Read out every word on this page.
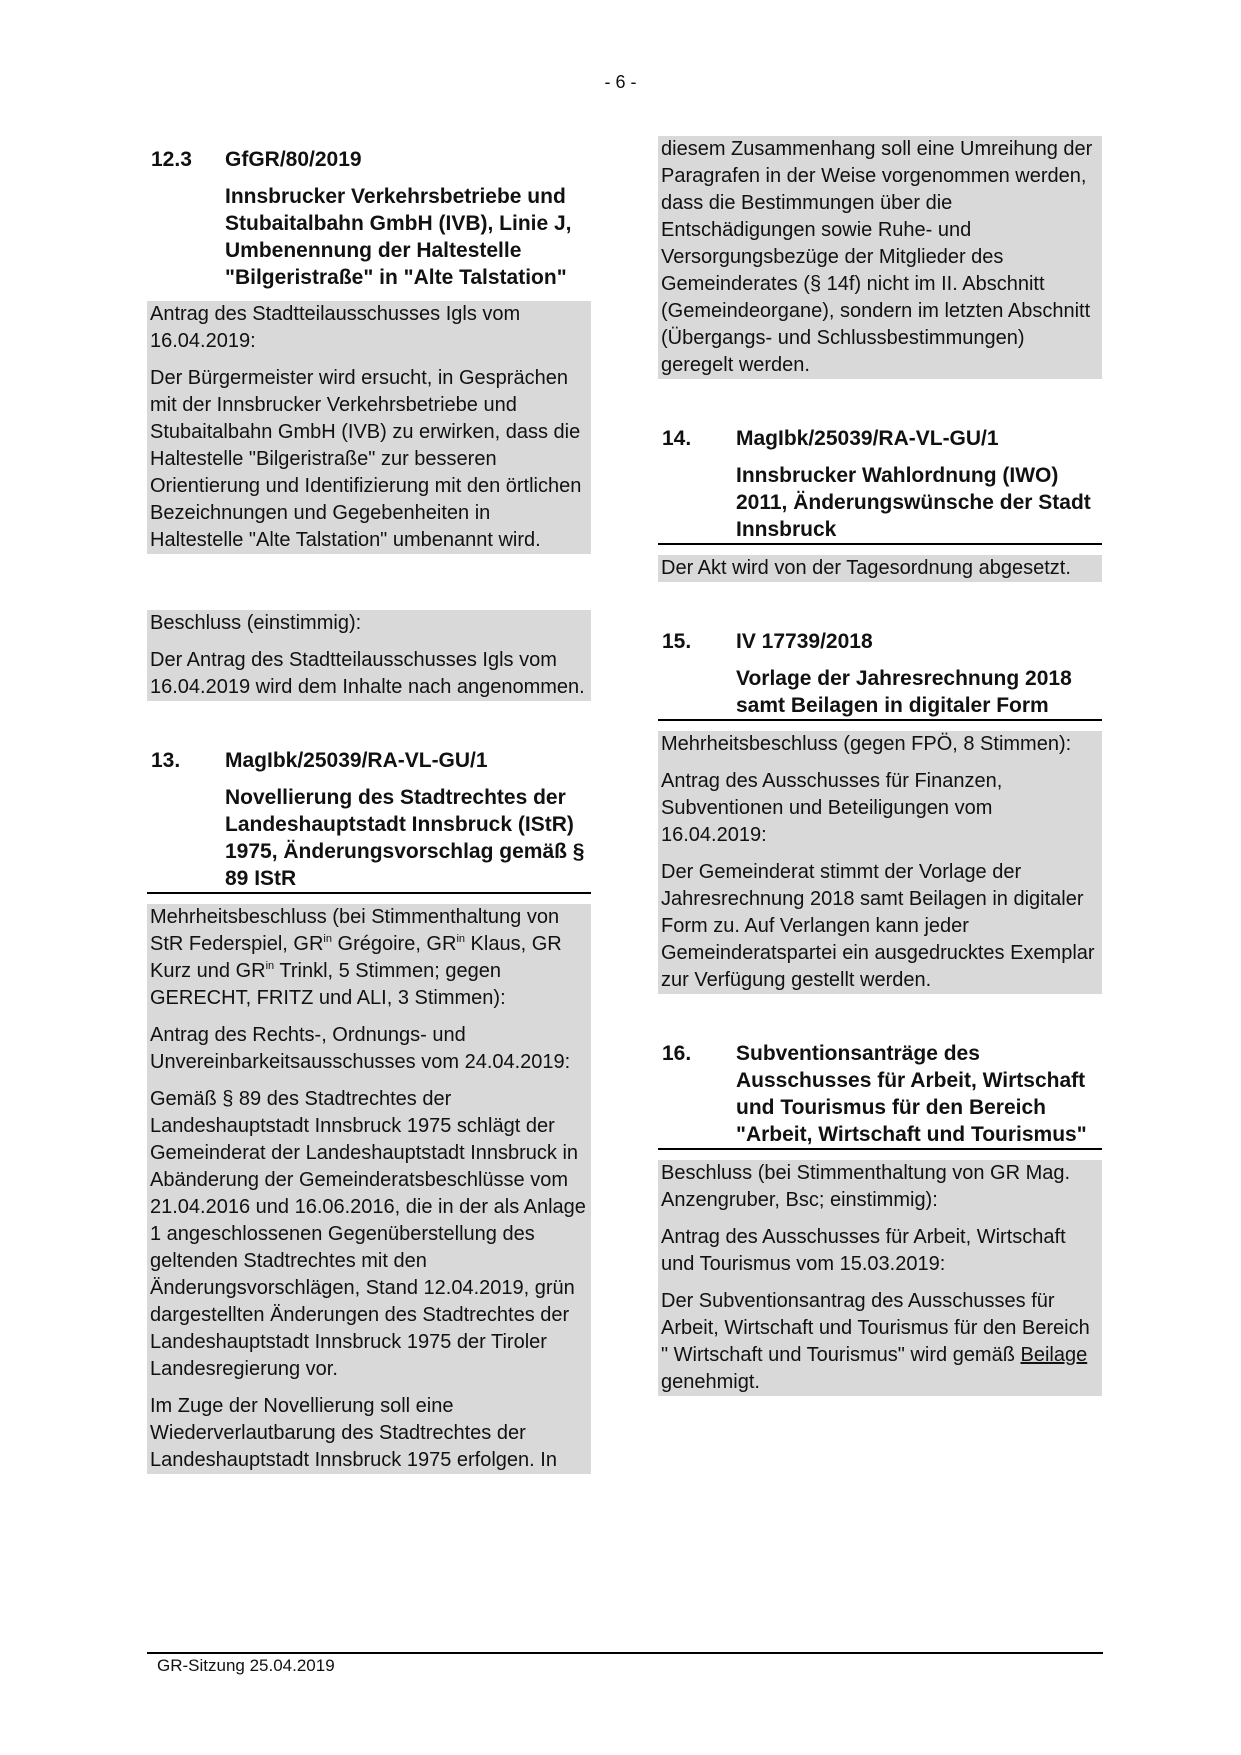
- 6 -
12.3 GfGR/80/2019
Innsbrucker Verkehrsbetriebe und Stubaitalbahn GmbH (IVB), Linie J, Umbenennung der Haltestelle "Bilgeristraße" in "Alte Talstation"

Antrag des Stadtteilausschusses Igls vom 16.04.2019:

Der Bürgermeister wird ersucht, in Gesprächen mit der Innsbrucker Verkehrsbetriebe und Stubaitalbahn GmbH (IVB) zu erwirken, dass die Haltestelle "Bilgeristraße" zur besseren Orientierung und Identifizierung mit den örtlichen Bezeichnungen und Gegebenheiten in Haltestelle "Alte Talstation" umbenannt wird.

Beschluss (einstimmig):

Der Antrag des Stadtteilausschusses Igls vom 16.04.2019 wird dem Inhalte nach angenommen.

13. MagIbk/25039/RA-VL-GU/1
Novellierung des Stadtrechtes der Landeshauptstadt Innsbruck (IStR) 1975, Änderungsvorschlag gemäß § 89 IStR

Mehrheitsbeschluss (bei Stimmenthaltung von StR Federspiel, $GR^{in}$ Grégoire, $GR^{in}$ Klaus, GR Kurz und $GR^{in}$ Trinkl, 5 Stimmen; gegen GERECHT, FRITZ und ALI, 3 Stimmen):

Antrag des Rechts-, Ordnungs- und Unvereinbarkeitsausschusses vom 24.04.2019:

Gemäß § 89 des Stadtrechtes der Landeshauptstadt Innsbruck 1975 schlägt der Gemeinderat der Landeshauptstadt Innsbruck in Abänderung der Gemeinderatsbeschlüsse vom 21.04.2016 und 16.06.2016, die in der als Anlage 1 angeschlossenen Gegenüberstellung des geltenden Stadtrechtes mit den Änderungsvorschlägen, Stand 12.04.2019, grün dargestellten Änderungen des Stadtrechtes der Landeshauptstadt Innsbruck 1975 der Tiroler Landesregierung vor.

Im Zuge der Novellierung soll eine Wiederverlautbarung des Stadtrechtes der Landeshauptstadt Innsbruck 1975 erfolgen. In

diesem Zusammenhang soll eine Umreihung der Paragrafen in der Weise vorgenommen werden, dass die Bestimmungen über die Entschädigungen sowie Ruhe- und Versorgungsbezüge der Mitglieder des Gemeinderates (§ 14f) nicht im II. Abschnitt (Gemeindeorgane), sondern im letzten Abschnitt (Übergangs- und Schlussbestimmungen) geregelt werden.

14. MagIbk/25039/RA-VL-GU/1
Innsbrucker Wahlordnung (IWO) 2011, Änderungswünsche der Stadt Innsbruck

Der Akt wird von der Tagesordnung abgesetzt.

15. IV 17739/2018
Vorlage der Jahresrechnung 2018 samt Beilagen in digitaler Form

Mehrheitsbeschluss (gegen FPÖ, 8 Stimmen):

Antrag des Ausschusses für Finanzen, Subventionen und Beteiligungen vom 16.04.2019:

Der Gemeinderat stimmt der Vorlage der Jahresrechnung 2018 samt Beilagen in digitaler Form zu. Auf Verlangen kann jeder Gemeinderatspartei ein ausgedrucktes Exemplar zur Verfügung gestellt werden.

16. Subventionsanträge des Ausschusses für Arbeit, Wirtschaft und Tourismus für den Bereich "Arbeit, Wirtschaft und Tourismus"

Beschluss (bei Stimmenthaltung von GR Mag. Anzengruber, Bsc; einstimmig):

Antrag des Ausschusses für Arbeit, Wirtschaft und Tourismus vom 15.03.2019:

Der Subventionsantrag des Ausschusses für Arbeit, Wirtschaft und Tourismus für den Bereich " Wirtschaft und Tourismus" wird gemäß Beilage genehmigt.

GR-Sitzung 25.04.2019
